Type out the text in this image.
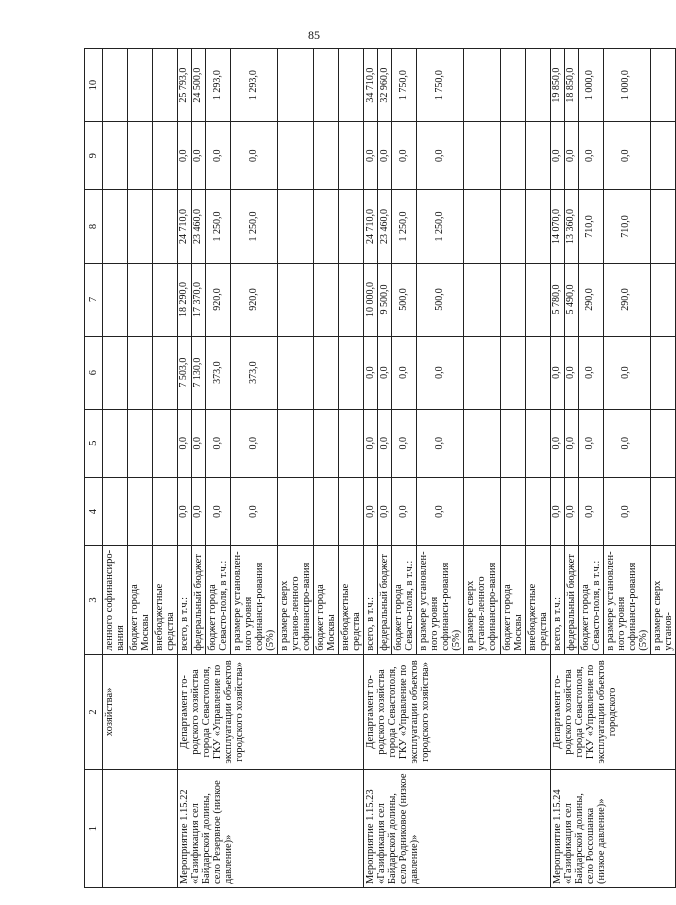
85
1	2	3	4	5	6	7	8	9	10
	хозяйства»	ленного софинансиро-вания							
		бюджет города Москвы							
		внебюджетные средства							
Мероприятие 1.15.22 «Газификация сел Байдарской долины, село Резервное (низкое давление)»	Департамент го-родского хозяйства города Севастополя, ГКУ «Управление по эксплуатации объектов городского хозяйства»	всего, в т.ч.:	0,0	0,0	7 503,0	18 290,0	24 710,0	0,0	25 793,0
		федеральный бюджет	0,0	0,0	7 130,0	17 370,0	23 460,0	0,0	24 500,0
		бюджет города Севасто-поля, в т.ч.:	0,0	0,0	373,0	920,0	1 250,0	0,0	1 293,0
		в размере установлен-ного уровня софинанси-рования (5%)	0,0	0,0	373,0	920,0	1 250,0	0,0	1 293,0
		в размере сверх установ-ленного софинансиро-вания							
		бюджет города Москвы							
		внебюджетные средства							
Мероприятие 1.15.23 «Газификация сел Байдарской долины, село Родниковое (низкое давление)»	Департамент го-родского хозяйства города Севастополя, ГКУ «Управление по эксплуатации объектов городского хозяйства»	всего, в т.ч.:	0,0	0,0	0,0	10 000,0	24 710,0	0,0	34 710,0
		федеральный бюджет	0,0	0,0	0,0	9 500,0	23 460,0	0,0	32 960,0
		бюджет города Севасто-поля, в т.ч.:	0,0	0,0	0,0	500,0	1 250,0	0,0	1 750,0
		в размере установлен-ного уровня софинанси-рования (5%)	0,0	0,0	0,0	500,0	1 250,0	0,0	1 750,0
		в размере сверх установ-ленного софинансиро-вания							
		бюджет города Москвы							
		внебюджетные средства							
Мероприятие 1.15.24 «Газификация сел Байдарской долины, село Россошанка (низкое давление)»	Департамент го-родского хозяйства города Севастополя, ГКУ «Управление по эксплуатации объектов городского	всего, в т.ч.:	0,0	0,0	0,0	5 780,0	14 070,0	0,0	19 850,0
		федеральный бюджет	0,0	0,0	0,0	5 490,0	13 360,0	0,0	18 850,0
		бюджет города Севасто-поля, в т.ч.:	0,0	0,0	0,0	290,0	710,0	0,0	1 000,0
		в размере установлен-ного уровня софинанси-рования (5%)	0,0	0,0	0,0	290,0	710,0	0,0	1 000,0
		в размере сверх установ-							
